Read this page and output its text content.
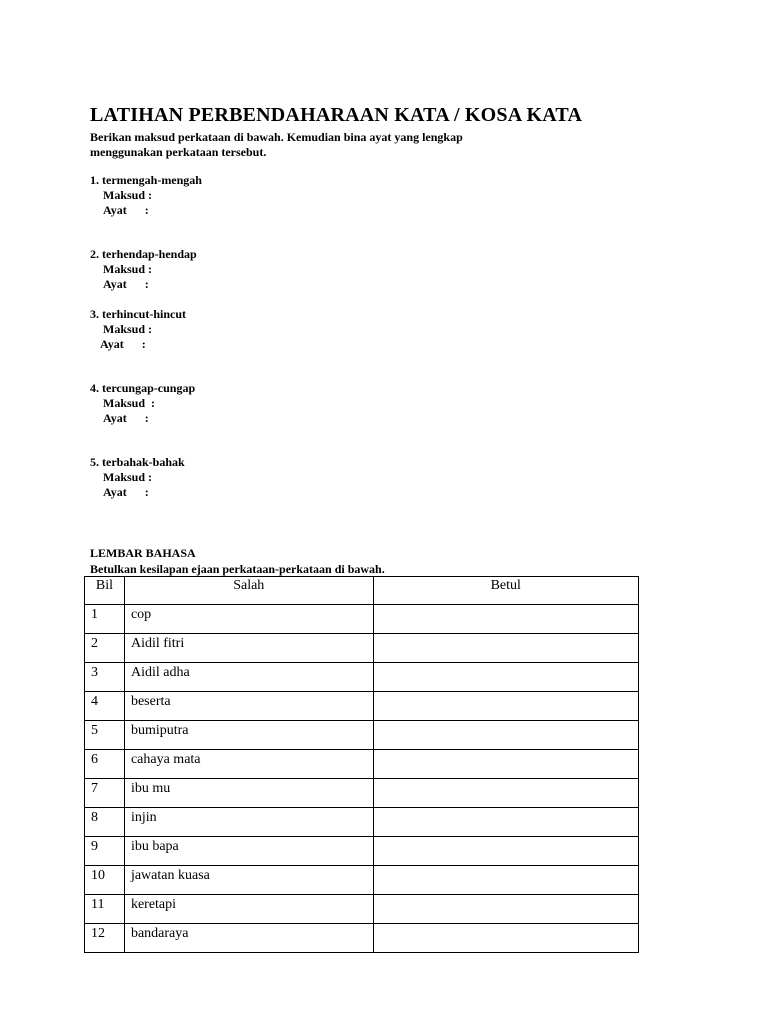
LATIHAN PERBENDAHARAAN KATA / KOSA KATA
Berikan maksud perkataan di bawah. Kemudian bina ayat yang lengkap
menggunakan perkataan tersebut.
1. termengah-mengah
Maksud :
Ayat      :
2. terhendap-hendap
Maksud :
Ayat      :
3. terhincut-hincut
Maksud :
Ayat      :
4. tercungap-cungap
Maksud  :
Ayat      :
5. terbahak-bahak
Maksud :
Ayat      :
LEMBAR BAHASA
Betulkan kesilapan ejaan perkataan-perkataan di bawah.
Bil	Salah	Betul
1	cop	
2	Aidil fitri	
3	Aidil adha	
4	beserta	
5	bumiputra	
6	cahaya mata	
7	ibu mu	
8	injin	
9	ibu bapa	
10	jawatan kuasa	
11	keretapi	
12	bandaraya	
